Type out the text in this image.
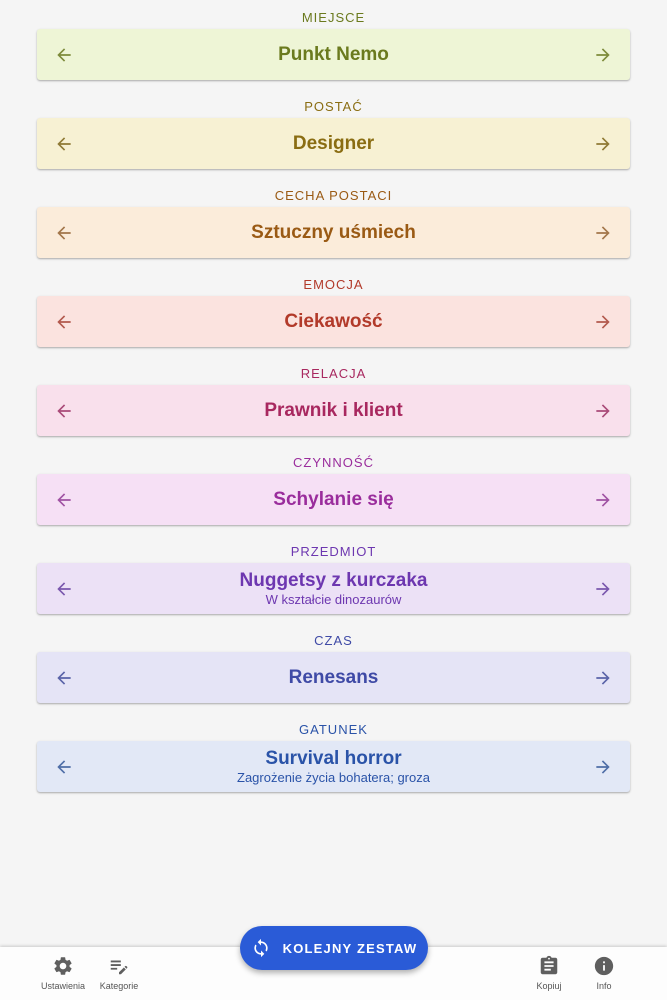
MIEJSCE
Punkt Nemo
POSTAĆ
Designer
CECHA POSTACI
Sztuczny uśmiech
EMOCJA
Ciekawość
RELACJA
Prawnik i klient
CZYNNOŚĆ
Schylanie się
PRZEDMIOT
Nuggetsy z kurczaka
W kształcie dinozaurów
CZAS
Renesans
GATUNEK
Survival horror
Zagrożenie życia bohatera; groza
Ustawienia Kategorie	Kopiuj	Info
KOLEJNY ZESTAW
